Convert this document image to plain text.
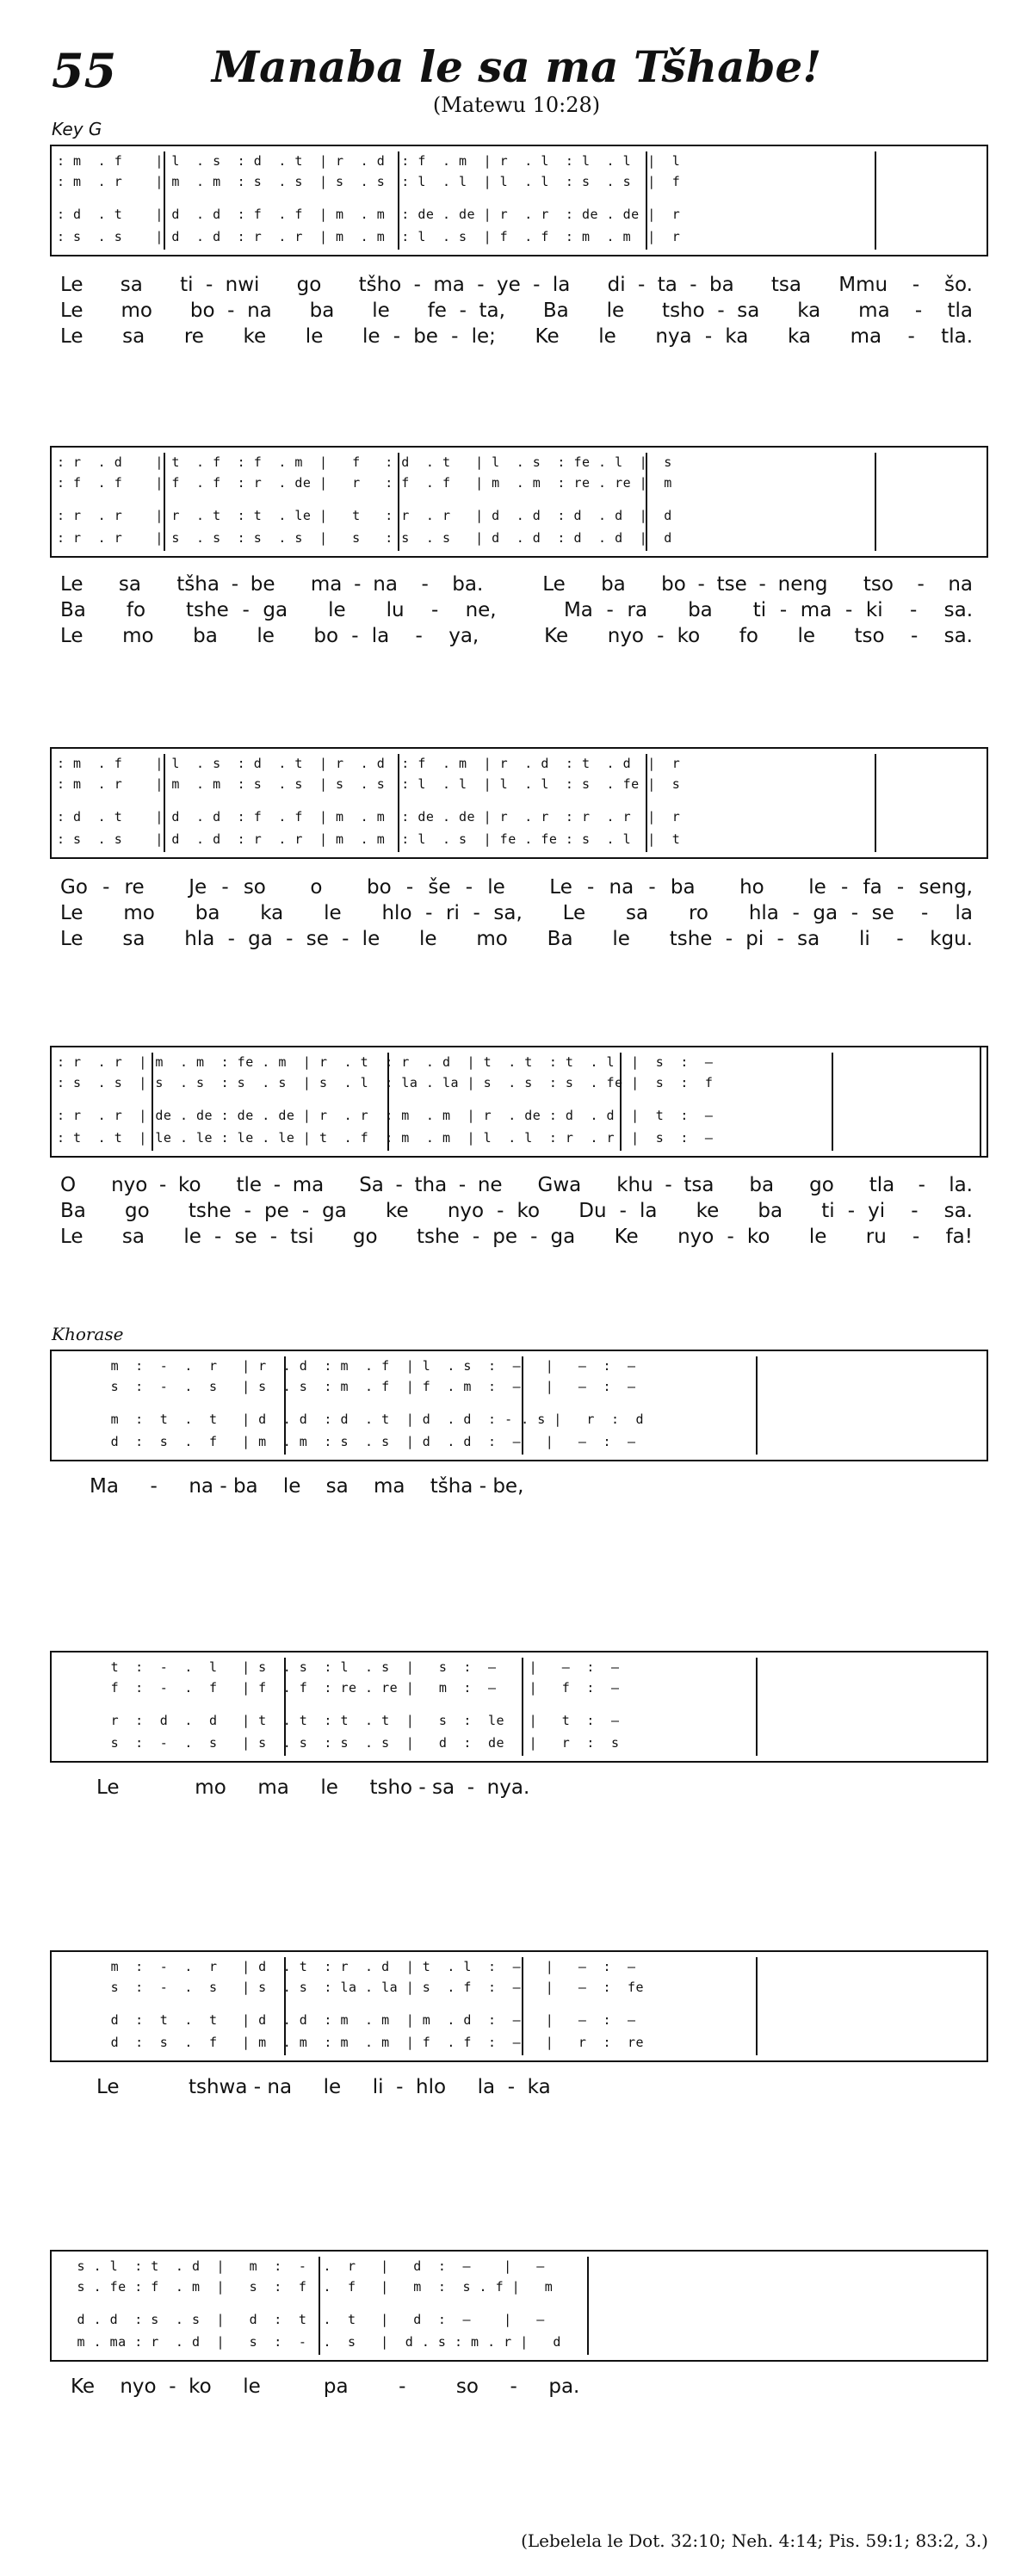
55	Manaba le sa ma Tšhabe!
(Matewu 10:28)
Key G
Khorase
: m  . f    | l  . s  : d  . t  | r  . d  : f  . m  | r  . l  : l  . l  |  l
: m  . r    | m  . m  : s  . s  | s  . s  : l  . l  | l  . l  : s  . s  |  f
: d  . t    | d  . d  : f  . f  | m  . m  : de . de | r  . r  : de . de |  r
: s  . s    | d  . d  : r  . r  | m  . m  : l  . s  | f  . f  : m  . m  |  r
Le   sa   ti - nwi   go   tšho - ma - ye - la   di - ta - ba   tsa   Mmu  -  šo.
Le   mo   bo - na   ba   le   fe - ta,   Ba   le   tsho - sa   ka   ma  -  tla
Le   sa   re   ke   le   le - be - le;   Ke   le   nya - ka   ka   ma  -  tla.
: r  . d    | t  . f  : f  . m  |   f   : d  . t   | l  . s  : fe . l  |  s
: f  . f    | f  . f  : r  . de |   r   : f  . f   | m  . m  : re . re |  m
: r  . r    | r  . t  : t  . le |   t   : r  . r   | d  . d  : d  . d  |  d
: r  . r    | s  . s  : s  . s  |   s   : s  . s   | d  . d  : d  . d  |  d
Le   sa   tšha - be   ma - na  -  ba.     Le   ba   bo - tse - neng   tso  -  na
Ba   fo   tshe - ga   le   lu  -  ne,     Ma - ra   ba   ti - ma - ki  -  sa.
Le   mo   ba   le   bo - la  -  ya,     Ke   nyo - ko   fo   le   tso  -  sa.
: m  . f    | l  . s  : d  . t  | r  . d  : f  . m  | r  . d  : t  . d  |  r
: m  . r    | m  . m  : s  . s  | s  . s  : l  . l  | l  . l  : s  . fe |  s
: d  . t    | d  . d  : f  . f  | m  . m  : de . de | r  . r  : r  . r  |  r
: s  . s    | d  . d  : r  . r  | m  . m  : l  . s  | fe . fe : s  . l  |  t
Go - re   Je - so   o   bo - še - le   Le - na - ba   ho   le - fa - seng,
Le   mo   ba   ka   le   hlo - ri - sa,   Le   sa   ro   hla - ga - se  -  la
Le   sa   hla - ga - se - le   le   mo   Ba   le   tshe - pi - sa   li  -  kgu.
: r  . r  | m  . m  : fe . m  | r  . t  : r  . d  | t  . t  : t  . l  |  s  :  —
: s  . s  | s  . s  : s  . s  | s  . l  : la . la | s  . s  : s  . fe |  s  :  f
: r  . r  | de . de : de . de | r  . r  : m  . m  | r  . de : d  . d  |  t  :  —
: t  . t  | le . le : le . le | t  . f  : m  . m  | l  . l  : r  . r  |  s  :  —
O   nyo - ko   tle - ma   Sa - tha - ne   Gwa   khu - tsa   ba   go   tla  -  la.
Ba   go   tshe - pe - ga   ke   nyo - ko   Du - la   ke   ba   ti - yi  -  sa.
Le   sa   le - se - tsi   go   tshe - pe - ga   Ke   nyo - ko   le   ru  -  fa!
m  :  -  .  r   | r  . d  : m  . f  | l  . s  :  —   |   —  :  —
s  :  -  .  s   | s  . s  : m  . f  | f  . m  :  —   |   —  :  —
m  :  t  .  t   | d  . d  : d  . t  | d  . d  : - . s |   r  :  d
d  :  s  .  f   | m  . m  : s  . s  | d  . d  :  —   |   —  :  —
Ma     -     na - ba    le    sa    ma    tšha - be,
t  :  -  .  l   | s  . s  : l  . s  |   s  :  —    |   —  :  —
f  :  -  .  f   | f  . f  : re . re |   m  :  —    |   f  :  —
r  :  d  .  d   | t  . t  : t  . t  |   s  :  le   |   t  :  —
s  :  -  .  s   | s  . s  : s  . s  |   d  :  de   |   r  :  s
Le            mo     ma     le     tsho - sa  -  nya.
m  :  -  .  r   | d  . t  : r  . d  | t  . l  :  —   |   —  :  —
s  :  -  .  s   | s  . s  : la . la | s  . f  :  —   |   —  :  fe
d  :  t  .  t   | d  . d  : m  . m  | m  . d  :  —   |   —  :  —
d  :  s  .  f   | m  . m  : m  . m  | f  . f  :  —   |   r  :  re
Le           tshwa - na     le     li  -  hlo     la  -  ka
s . l  : t  . d  |   m  :  -  .  r   |   d  :  —    |   —
s . fe : f  . m  |   s  :  f  .  f   |   m  :  s . f |   m
d . d  : s  . s  |   d  :  t  .  t   |   d  :  —    |   —
m . ma : r  . d  |   s  :  -  .  s   |  d . s : m . r |   d
Ke    nyo  -  ko     le          pa        -        so     -     pa.
(Lebelela le Dot. 32:10; Neh. 4:14; Pis. 59:1; 83:2, 3.)
